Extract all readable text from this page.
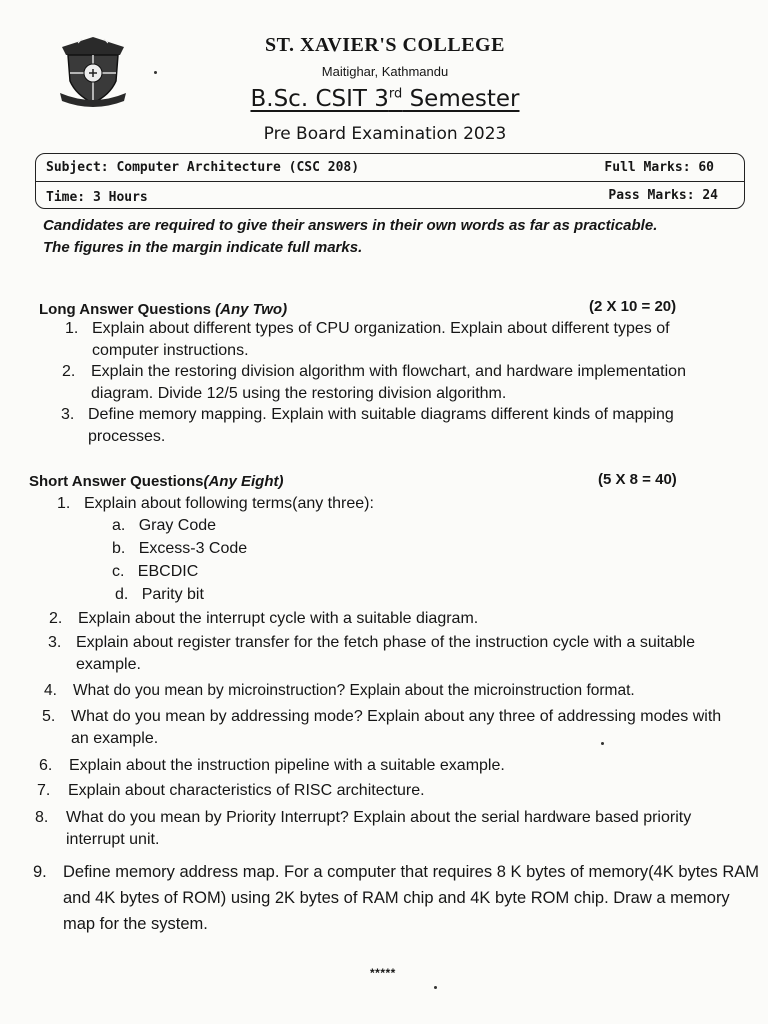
ST. XAVIER'S COLLEGE
Maitighar, Kathmandu
B.Sc. CSIT 3rd Semester
Pre Board Examination 2023
Subject: Computer Architecture (CSC 208)	Full Marks: 60
Time: 3 Hours	Pass Marks: 24
Candidates are required to give their answers in their own words as far as practicable.
The figures in the margin indicate full marks.
Long Answer Questions (Any Two)	(2 X 10 = 20)
1. Explain about different types of CPU organization. Explain about different types of computer instructions.
2. Explain the restoring division algorithm with flowchart, and hardware implementation diagram. Divide 12/5 using the restoring division algorithm.
3. Define memory mapping. Explain with suitable diagrams different kinds of mapping processes.
Short Answer Questions(Any Eight)	(5 X 8 = 40)
1. Explain about following terms(any three):
a. Gray Code
b. Excess-3 Code
c. EBCDIC
d. Parity bit
2. Explain about the interrupt cycle with a suitable diagram.
3. Explain about register transfer for the fetch phase of the instruction cycle with a suitable example.
4.	What do you mean by microinstruction? Explain about the microinstruction format.
5. What do you mean by addressing mode? Explain about any three of addressing modes with an example.
6.	Explain about the instruction pipeline with a suitable example.
7.	Explain about characteristics of RISC architecture.
8.	What do you mean by Priority Interrupt? Explain about the serial hardware based priority interrupt unit.
9. Define memory address map. For a computer that requires 8 K bytes of memory(4K bytes RAM and 4K bytes of ROM) using 2K bytes of RAM chip and 4K byte ROM chip. Draw a memory map for the system.
*****
